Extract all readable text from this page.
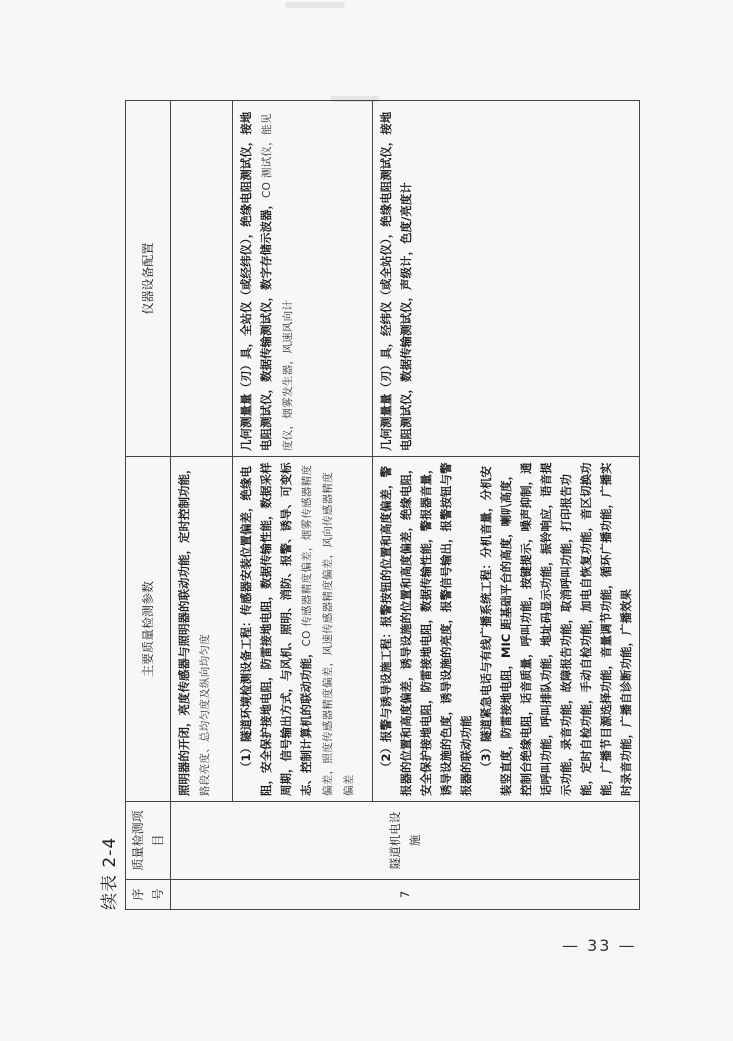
续表 2-4 序号	质量检测项目	主要质量检测参数	仪器设备配置
7	隧道机电设施	照明器的开闭，亮度传感器与照明器的联动功能，定时控制功能， 路段亮度、总均匀度及纵向均匀度	

		（1）隧道环境检测设备工程：传感器安装位置偏差，绝缘电阻，安全保护接地电阻，防雷接地电阻，数据传输性能，数据采样周期，信号输出方式，与风机、照明、消防、报警、诱导、可变标志、控制计算机的联动功能，CO 传感器精度偏差，烟雾传感器精度偏差，照度传感器精度偏差，风速传感器精度偏差，风向传感器精度偏差	几何测量量（刃）具，全站仪（或经纬仪），绝缘电阻测试仪，接地电阻测试仪，数据传输测试仪，数字存储示波器，CO 测试仪，能见度仪，烟雾发生器，风速风向计

		（2）报警与诱导设施工程：报警按钮的位置和高度偏差，警报器的位置和高度偏差，诱导设施的位置和高度偏差，绝缘电阻，安全保护接地电阻，防雷接地电阻，数据传输性能，警报器音量，诱导设施的色度，诱导设施的亮度，报警信号输出，报警按钮与警报器的联动功能 （3）隧道紧急电话与有线广播系统工程：分机音量，分机安装竖直度，防雷接地电阻，MIC 距基础平台的高度，喇叭高度，控制台绝缘电阻，话音质量，呼叫功能，按键提示，噪声抑制，通话呼叫功能，呼叫排队功能，地址码显示功能，振铃响应，语音提示功能，录音功能，故障报告功能，取消呼叫功能，打印报告功能，定时自检功能，手动自检功能，加电自恢复功能，音区切换功能，广播节目源选择功能，音量调节功能，循环广播功能，广播实时录音功能，广播自诊断功能，广播效果	几何测量量（刃）具，经纬仪（或全站仪），绝缘电阻测试仪，接地电阻测试仪，数据传输测试仪，声级计，色度/亮度计
— 33 —
